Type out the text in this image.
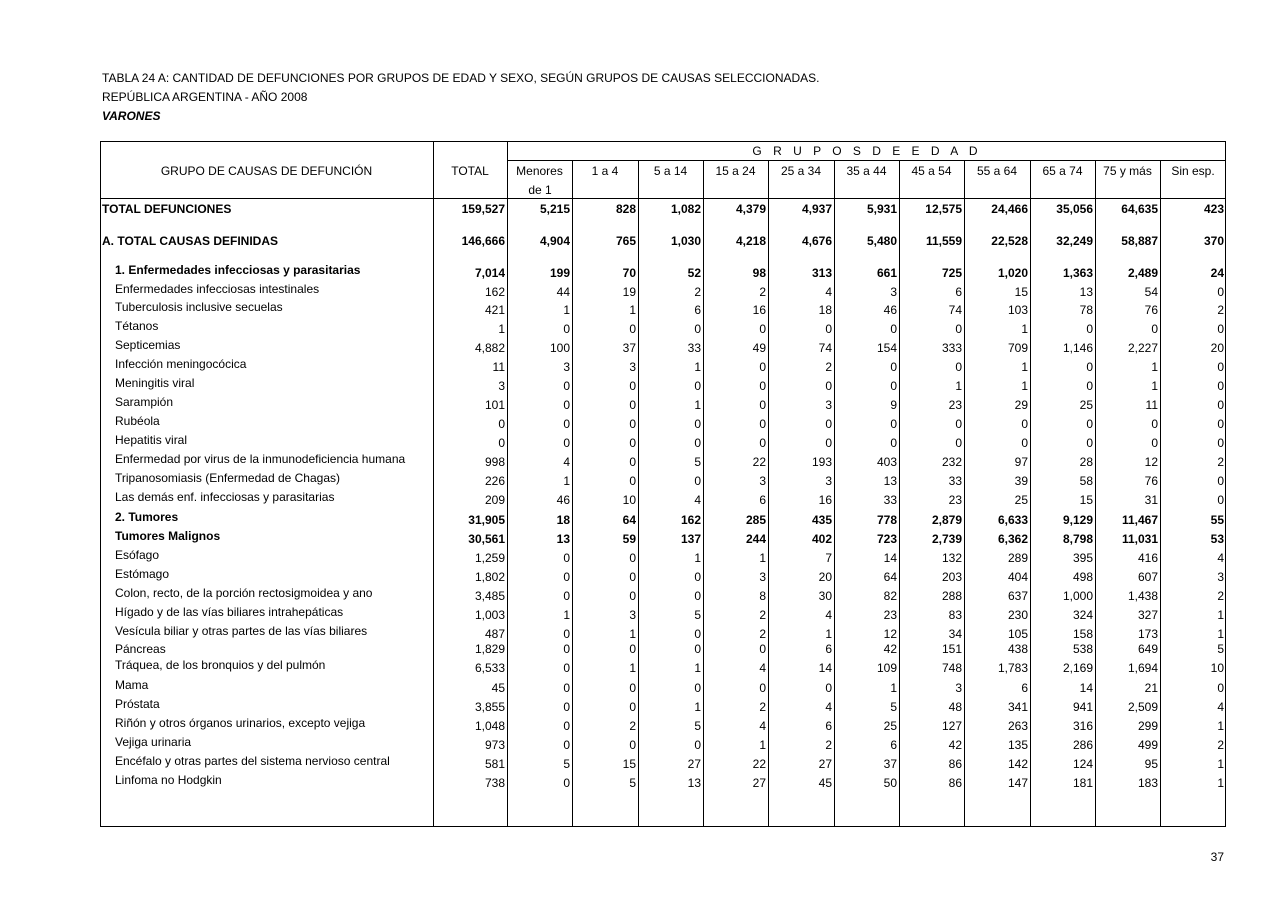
TABLA 24 A: CANTIDAD DE DEFUNCIONES POR GRUPOS DE EDAD Y SEXO, SEGÚN GRUPOS DE CAUSAS SELECCIONADAS.
REPÚBLICA ARGENTINA - AÑO 2008
VARONES
G R U P O S D E E D A D
GRUPO DE CAUSAS DE DEFUNCIÓN	TOTAL	Menores	1 a 4	5 a 14	15 a 24	25 a 34	35 a 44	45 a 54	55 a 64	65 a 74	75 y más	Sin esp.
de 1
TOTAL DEFUNCIONES	159,527	5,215	828	1,082	4,379	4,937	5,931	12,575	24,466	35,056	64,635	423
A. TOTAL CAUSAS DEFINIDAS	146,666	4,904	765	1,030	4,218	4,676	5,480	11,559	22,528	32,249	58,887	370
1. Enfermedades infecciosas y parasitarias	7,014	199	70	52	98	313	661	725	1,020	1,363	2,489	24
Enfermedades infecciosas intestinales	162	44	19	2	2	4	3	6	15	13	54	0
Tuberculosis inclusive secuelas	421	1	1	6	16	18	46	74	103	78	76	2
Tétanos	1	0	0	0	0	0	0	0	1	0	0	0
Septicemias	4,882	100	37	33	49	74	154	333	709	1,146	2,227	20
Infección meningocócica	11	3	3	1	0	2	0	0	1	0	1	0
Meningitis viral	3	0	0	0	0	0	0	1	1	0	1	0
Sarampión	101	0	0	1	0	3	9	23	29	25	11	0
Rubéola	0	0	0	0	0	0	0	0	0	0	0	0
Hepatitis viral	0	0	0	0	0	0	0	0	0	0	0	0
Enfermedad por virus de la inmunodeficiencia humana	998	4	0	5	22	193	403	232	97	28	12	2
Tripanosomiasis (Enfermedad de Chagas)	226	1	0	0	3	3	13	33	39	58	76	0
Las demás enf. infecciosas y parasitarias	209	46	10	4	6	16	33	23	25	15	31	0
2. Tumores	31,905	18	64	162	285	435	778	2,879	6,633	9,129	11,467	55
Tumores Malignos	30,561	13	59	137	244	402	723	2,739	6,362	8,798	11,031	53
Esófago	1,259	0	0	1	1	7	14	132	289	395	416	4
Estómago	1,802	0	0	0	3	20	64	203	404	498	607	3
Colon, recto, de la porción rectosigmoidea y ano	3,485	0	0	0	8	30	82	288	637	1,000	1,438	2
Hígado y de las vías biliares intrahepáticas	1,003	1	3	5	2	4	23	83	230	324	327	1
Vesícula biliar y otras partes de las vías biliares	487	0	1	0	2	1	12	34	105	158	173	1
Páncreas	1,829	0	0	0	0	6	42	151	438	538	649	5
Tráquea, de los bronquios y del pulmón	6,533	0	1	1	4	14	109	748	1,783	2,169	1,694	10
Mama	45	0	0	0	0	0	1	3	6	14	21	0
Próstata	3,855	0	0	1	2	4	5	48	341	941	2,509	4
Riñón y otros órganos urinarios, excepto vejiga	1,048	0	2	5	4	6	25	127	263	316	299	1
Vejiga urinaria	973	0	0	0	1	2	6	42	135	286	499	2
Encéfalo y otras partes del sistema nervioso central	581	5	15	27	22	27	37	86	142	124	95	1
Linfoma no Hodgkin	738	0	5	13	27	45	50	86	147	181	183	1
37
